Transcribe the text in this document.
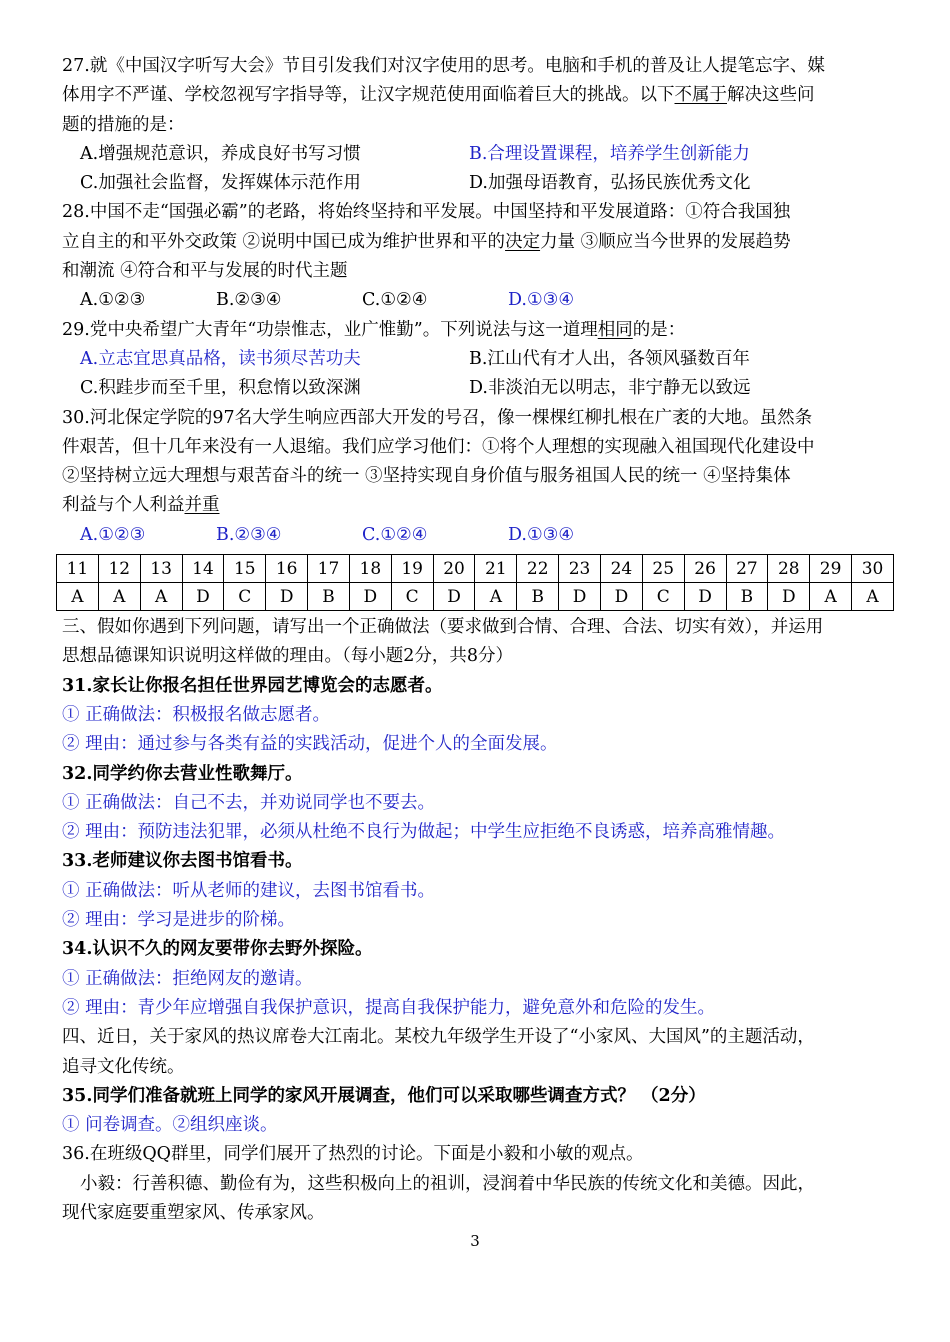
27.就《中国汉字听写大会》节目引发我们对汉字使用的思考。电脑和手机的普及让人提笔忘字、媒
体用字不严谨、学校忽视写字指导等，让汉字规范使用面临着巨大的挑战。以下不属于解决这些问
题的措施的是：
A.增强规范意识，养成良好书写习惯	B.合理设置课程，培养学生创新能力
C.加强社会监督，发挥媒体示范作用	D.加强母语教育，弘扬民族优秀文化
28.中国不走“国强必霸”的老路，将始终坚持和平发展。中国坚持和平发展道路：①符合我国独
立自主的和平外交政策 ②说明中国已成为维护世界和平的决定力量 ③顺应当今世界的发展趋势
和潮流 ④符合和平与发展的时代主题
A.①②③	B.②③④	C.①②④	D.①③④
29.党中央希望广大青年“功崇惟志，业广惟勤”。下列说法与这一道理相同的是：
A.立志宜思真品格，读书须尽苦功夫	B.江山代有才人出，各领风骚数百年
C.积跬步而至千里，积怠惰以致深渊	D.非淡泊无以明志，非宁静无以致远
30.河北保定学院的97名大学生响应西部大开发的号召，像一棵棵红柳扎根在广袤的大地。虽然条
件艰苦，但十几年来没有一人退缩。我们应学习他们：①将个人理想的实现融入祖国现代化建设中
②坚持树立远大理想与艰苦奋斗的统一 ③坚持实现自身价值与服务祖国人民的统一 ④坚持集体
利益与个人利益并重
A.①②③	B.②③④	C.①②④	D.①③④
11	12	13	14	15	16	17	18	19	20	21	22	23	24	25	26	27	28	29	30
A	A	A	D	C	D	B	D	C	D	A	B	D	D	C	D	B	D	A	A
三、假如你遇到下列问题，请写出一个正确做法（要求做到合情、合理、合法、切实有效），并运用
思想品德课知识说明这样做的理由。（每小题2分，共8分）
31.家长让你报名担任世界园艺博览会的志愿者。
① 正确做法：积极报名做志愿者。
② 理由：通过参与各类有益的实践活动，促进个人的全面发展。
32.同学约你去营业性歌舞厅。
① 正确做法：自己不去，并劝说同学也不要去。
② 理由：预防违法犯罪，必须从杜绝不良行为做起；中学生应拒绝不良诱惑，培养高雅情趣。
33.老师建议你去图书馆看书。
① 正确做法：听从老师的建议，去图书馆看书。
② 理由：学习是进步的阶梯。
34.认识不久的网友要带你去野外探险。
① 正确做法：拒绝网友的邀请。
② 理由：青少年应增强自我保护意识，提高自我保护能力，避免意外和危险的发生。
四、近日，关于家风的热议席卷大江南北。某校九年级学生开设了“小家风、大国风”的主题活动，
追寻文化传统。
35.同学们准备就班上同学的家风开展调查，他们可以采取哪些调查方式？ （2分）
① 问卷调查。②组织座谈。
36.在班级QQ群里，同学们展开了热烈的讨论。下面是小毅和小敏的观点。
小毅：行善积德、勤俭有为，这些积极向上的祖训，浸润着中华民族的传统文化和美德。因此，
现代家庭要重塑家风、传承家风。
3
